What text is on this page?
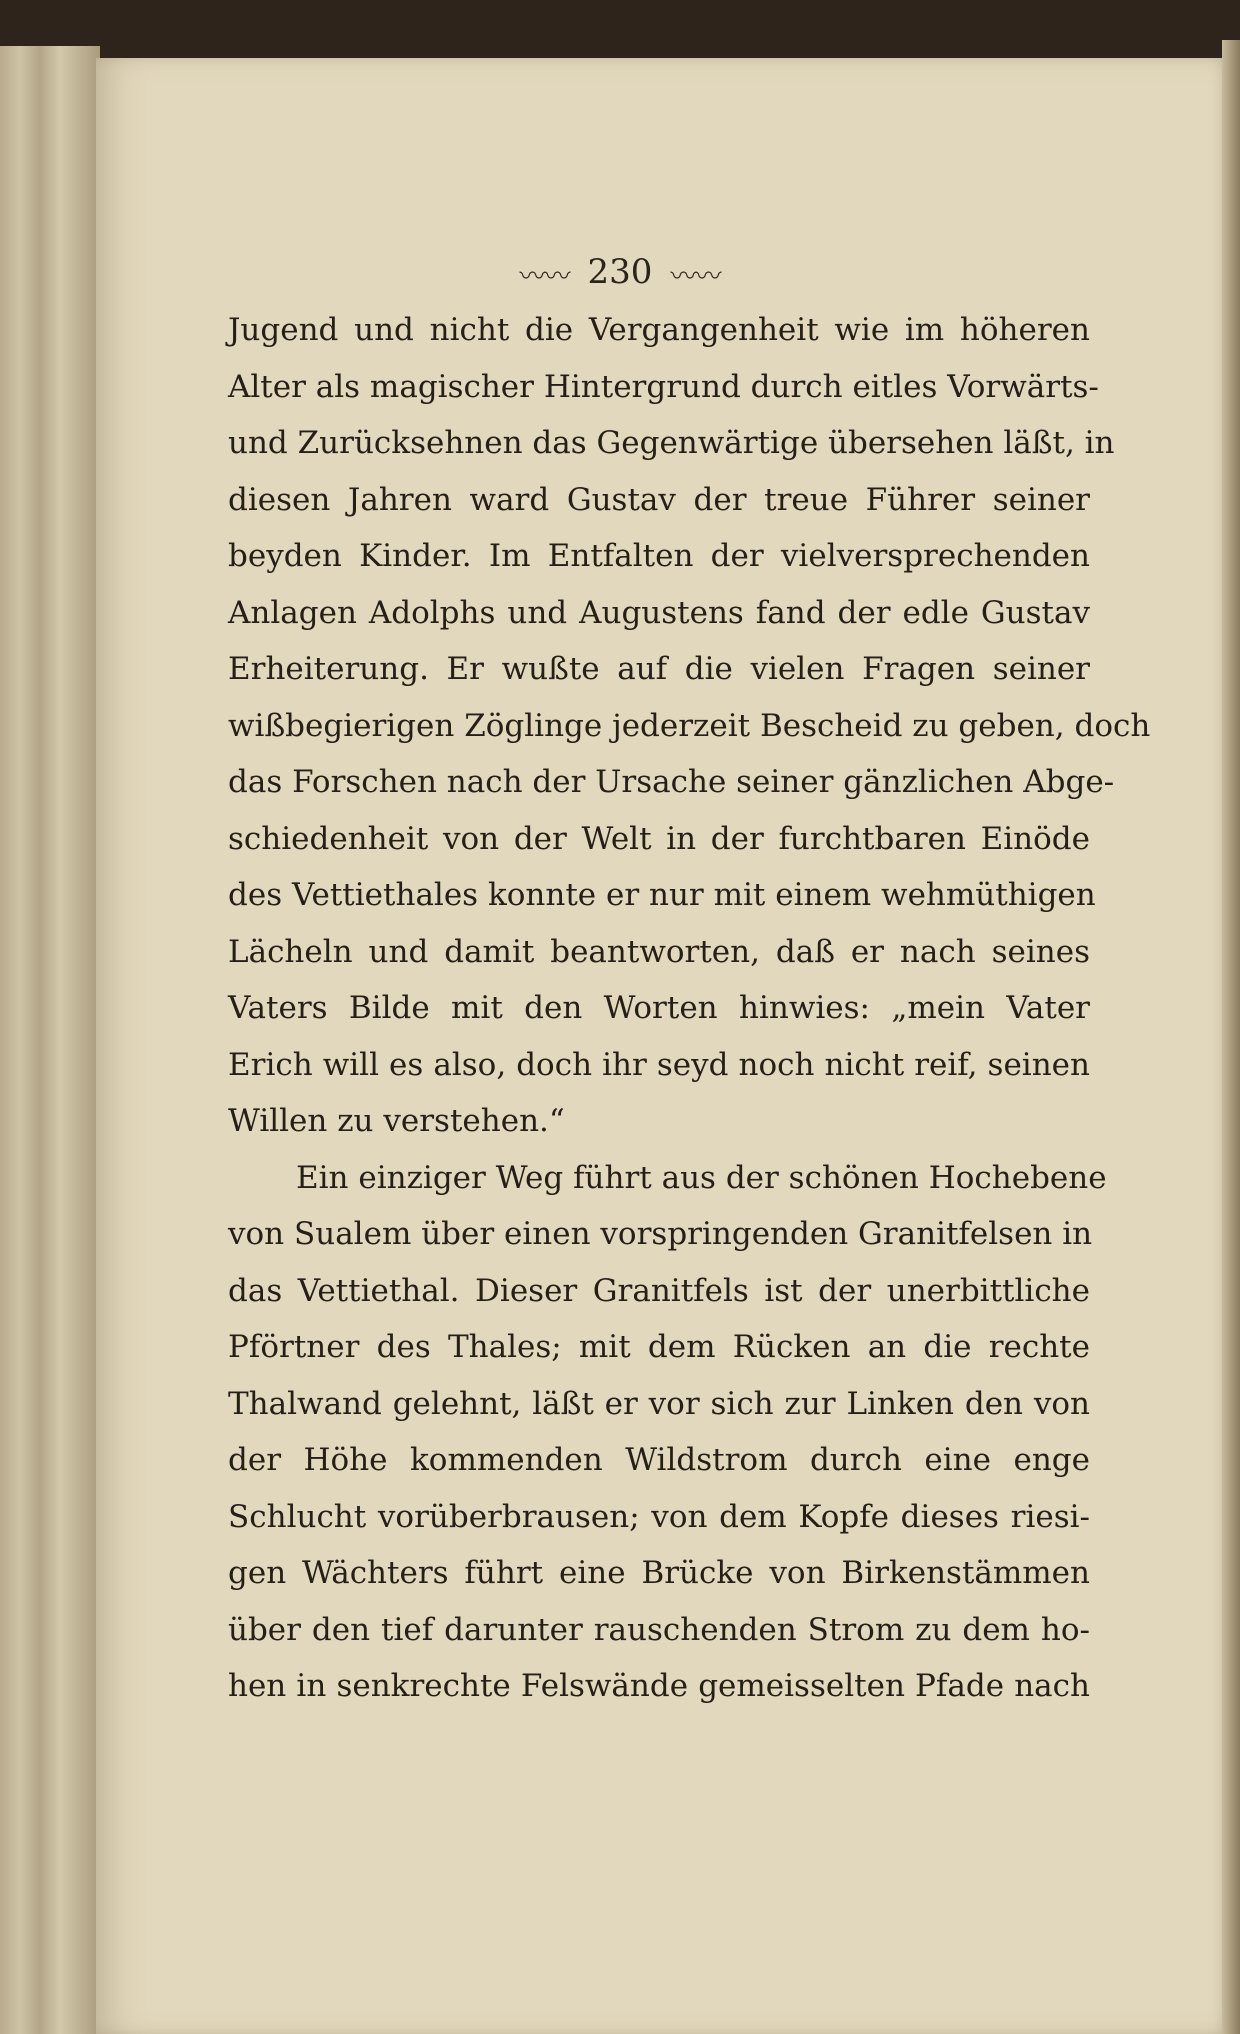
〰〰 230 〰〰
Jugend und nicht die Vergangenheit wie im höheren
Alter als magischer Hintergrund durch eitles Vorwärts-
und Zurücksehnen das Gegenwärtige übersehen läßt, in
diesen Jahren ward Gustav der treue Führer seiner
beyden Kinder. Im Entfalten der vielversprechenden
Anlagen Adolphs und Augustens fand der edle Gustav
Erheiterung. Er wußte auf die vielen Fragen seiner
wißbegierigen Zöglinge jederzeit Bescheid zu geben, doch
das Forschen nach der Ursache seiner gänzlichen Abge-
schiedenheit von der Welt in der furchtbaren Einöde
des Vettiethales konnte er nur mit einem wehmüthigen
Lächeln und damit beantworten, daß er nach seines
Vaters Bilde mit den Worten hinwies: „mein Vater
Erich will es also, doch ihr seyd noch nicht reif, seinen
Willen zu verstehen.“
Ein einziger Weg führt aus der schönen Hochebene
von Sualem über einen vorspringenden Granitfelsen in
das Vettiethal. Dieser Granitfels ist der unerbittliche
Pförtner des Thales; mit dem Rücken an die rechte
Thalwand gelehnt, läßt er vor sich zur Linken den von
der Höhe kommenden Wildstrom durch eine enge
Schlucht vorüberbrausen; von dem Kopfe dieses riesi-
gen Wächters führt eine Brücke von Birkenstämmen
über den tief darunter rauschenden Strom zu dem ho-
hen in senkrechte Felswände gemeisselten Pfade nach
